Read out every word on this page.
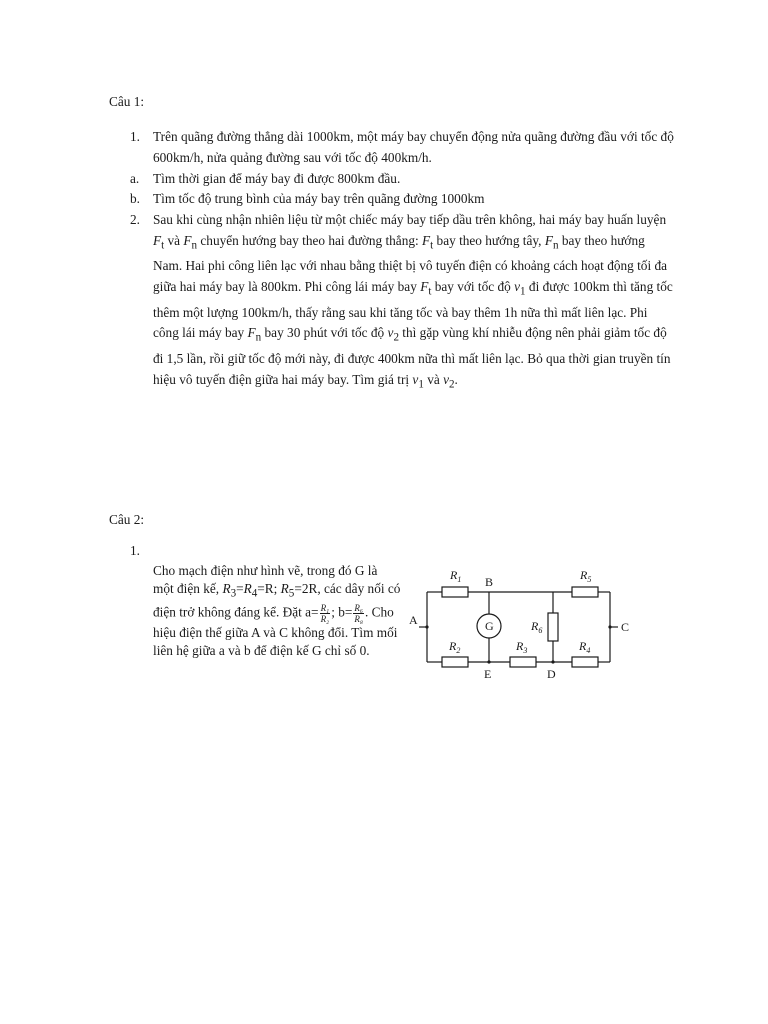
Câu 1:
1. Trên quãng đường thẳng dài 1000km, một máy bay chuyển động nửa quãng đường đầu với tốc độ 600km/h, nửa quảng đường sau với tốc độ 400km/h.
a. Tìm thời gian để máy bay đi được 800km đầu.
b. Tìm tốc độ trung bình của máy bay trên quãng đường 1000km
2. Sau khi cùng nhận nhiên liệu từ một chiếc máy bay tiếp dầu trên không, hai máy bay huấn luyện $F_t$ và $F_n$ chuyển hướng bay theo hai đường thẳng: $F_t$ bay theo hướng tây, $F_n$ bay theo hướng Nam. Hai phi công liên lạc với nhau bằng thiệt bị vô tuyến điện có khoảng cách hoạt động tối đa giữa hai máy bay là 800km. Phi công lái máy bay $F_t$ bay với tốc độ $v_1$ đi được 100km thì tăng tốc thêm một lượng 100km/h, thấy rằng sau khi tăng tốc và bay thêm 1h nữa thì mất liên lạc. Phi công lái máy bay $F_n$ bay 30 phút với tốc độ $v_2$ thì gặp vùng khí nhiễu động nên phải giảm tốc độ đi 1,5 lần, rồi giữ tốc độ mới này, đi được 400km nữa thì mất liên lạc. Bỏ qua thời gian truyền tín hiệu vô tuyến điện giữa hai máy bay. Tìm giá trị $v_1$ và $v_2$.
Câu 2:
1.
Cho mạch điện như hình vẽ, trong đó G là một điện kế, $R_3=R_4=R$; $R_5=2R$, các dây nối có điện trở không đáng kể. Đặt $a= \frac{\text{R₁}}{\text{R₂}}$ ; $b= \frac{\text{R₆}}{\text{R₈}}$ . Cho hiệu điện thế giữa A và C không đổi. Tìm mối liên hệ giữa a và b để điện kế G chỉ số 0.
G
A
B
C
D
E
$R_1$	$R_5$
$R_6$
$R_2$	$R_3$	$R_4$
